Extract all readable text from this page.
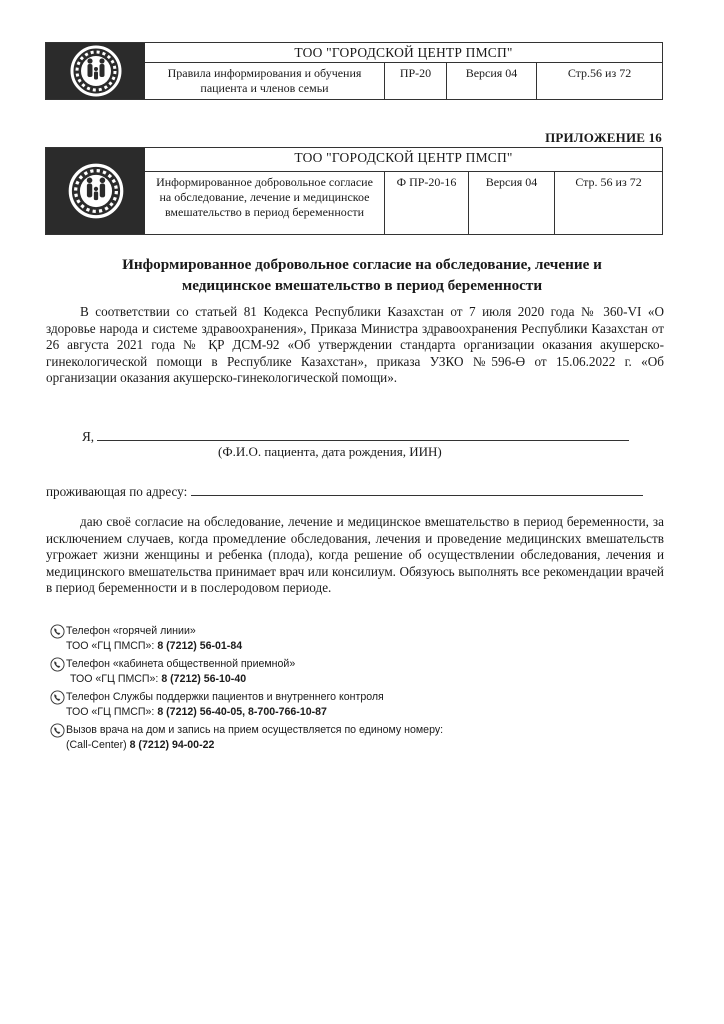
	ТОО "ГОРОДСКОЙ ЦЕНТР ПМСП"			
	Правила информирования и обучения пациента и членов семьи	ПР-20	Версия 04	Стр.56 из 72
ПРИЛОЖЕНИЕ 16
	ТОО "ГОРОДСКОЙ ЦЕНТР ПМСП"			
	Информированное добровольное согласие на обследование, лечение и медицинское вмешательство в период беременности	Ф ПР-20-16	Версия 04	Стр. 56 из 72
Информированное добровольное согласие на обследование, лечение и
медицинское вмешательство в период беременности
В соответствии со статьей 81 Кодекса Республики Казахстан от 7 июля 2020 года № 360-VI «О здоровье народа и системе здравоохранения», Приказа Министра здравоохранения Республики Казахстан от 26 августа 2021 года № ҚР ДСМ-92 «Об утверждении стандарта организации оказания акушерско-гинекологической помощи в Республике Казахстан», приказа УЗКО №596-Ө от 15.06.2022 г. «Об организации оказания акушерско-гинекологической помощи».
Я,
(Ф.И.О. пациента, дата рождения, ИИН)
проживающая по адресу:
даю своё согласие на обследование, лечение и медицинское вмешательство в период беременности, за исключением случаев, когда промедление обследования, лечения и проведение медицинских вмешательств угрожает жизни женщины и ребенка (плода), когда решение об осуществлении обследования, лечения и медицинского вмешательства принимает врач или консилиум. Обязуюсь выполнять все рекомендации врачей в период беременности и в послеродовом периоде.
Телефон «горячей линии»
ТОО «ГЦ ПМСП»: 8 (7212) 56-01-84
Телефон «кабинета общественной приемной»
ТОО «ГЦ ПМСП»: 8 (7212) 56-10-40
Телефон Службы поддержки пациентов и внутреннего контроля
ТОО «ГЦ ПМСП»: 8 (7212) 56-40-05, 8-700-766-10-87
Вызов врача на дом и запись на прием осуществляется по единому номеру:
(Call-Center) 8 (7212) 94-00-22
